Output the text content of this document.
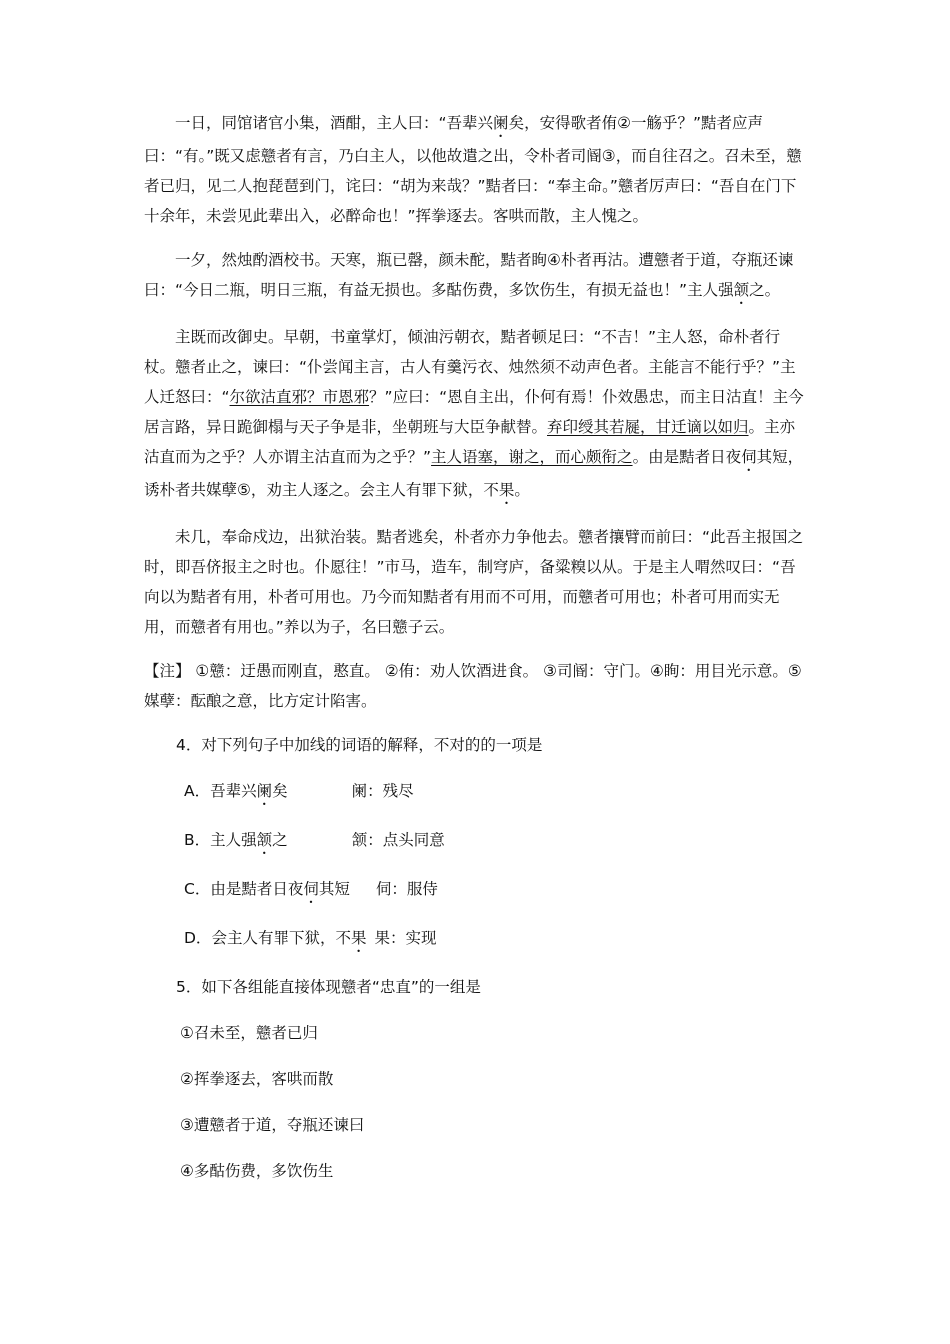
一日，同馆诸官小集，酒酣，主人曰：“吾辈兴阑矣，安得歌者侑②一觞乎？”黠者应声曰：“有。”既又虑戆者有言，乃白主人，以他故遣之出，令朴者司阍③，而自往召之。召未至，戆者已归，见二人抱琵琶到门，诧曰：“胡为来哉？”黠者曰：“奉主命。”戆者厉声曰：“吾自在门下十余年，未尝见此辈出入，必醉命也！”挥拳逐去。客哄而散，主人愧之。

一夕，然烛酌酒校书。天寒，瓶已罄，颜未酡，黠者眴④朴者再沽。遭戆者于道，夺瓶还谏曰：“今日二瓶，明日三瓶，有益无损也。多酤伤费，多饮伤生，有损无益也！”主人强颔之。

主既而改御史。早朝，书童掌灯，倾油污朝衣，黠者顿足曰：“不吉！”主人怒，命朴者行杖。戆者止之，谏曰：“仆尝闻主言，古人有羹污衣、烛然须不动声色者。主能言不能行乎？”主人迁怒曰：“尔欲沽直邪？市恩邪？”应曰：“恩自主出，仆何有焉！仆效愚忠，而主日沽直！主今居言路，异日跪御榻与天子争是非，坐朝班与大臣争献替。弃印绶其若屣，甘迁谪以如归。主亦沽直而为之乎？人亦谓主沽直而为之乎？”主人语塞，谢之，而心颇衔之。由是黠者日夜伺其短，诱朴者共媒孽⑤，劝主人逐之。会主人有罪下狱，不果。

未几，奉命戍边，出狱治装。黠者逃矣，朴者亦力争他去。戆者攘臂而前曰：“此吾主报国之时，即吾侪报主之时也。仆愿往！”市马，造车，制穹庐，备粱糗以从。于是主人喟然叹曰：“吾向以为黠者有用，朴者可用也。乃今而知黠者有用而不可用，而戆者可用也；朴者可用而实无用，而戆者有用也。”养以为子，名曰戆子云。

【注】 ①戆：迂愚而刚直，憨直。 ②侑：劝人饮酒进食。 ③司阍：守门。④眴：用目光示意。⑤媒孽：酝酿之意，比方定计陷害。

4．对下列句子中加线的词语的解释，不对的的一项是

A．吾辈兴阑矣	阑：残尽

B．主人强颔之	颔：点头同意

C．由是黠者日夜伺其短 伺：服侍

D．会主人有罪下狱，不果 果：实现

5．如下各组能直接体现戆者“忠直”的一组是

①召未至，戆者已归

②挥拳逐去，客哄而散

③遭戆者于道，夺瓶还谏曰

④多酤伤费，多饮伤生
